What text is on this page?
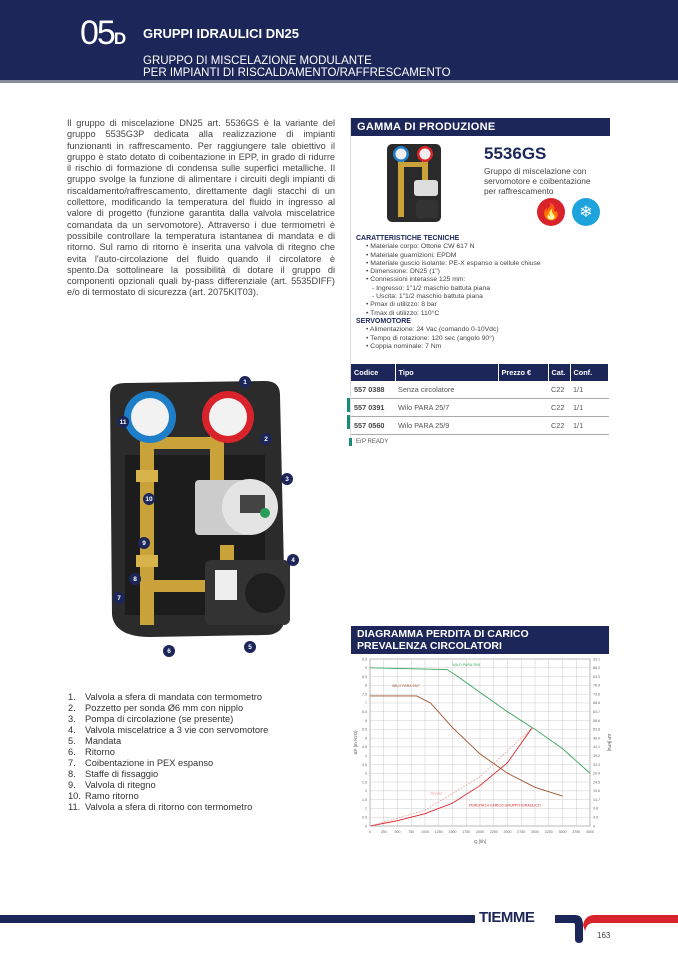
05D GRUPPI IDRAULICI DN25
GRUPPO DI MISCELAZIONE MODULANTE
PER IMPIANTI DI RISCALDAMENTO/RAFFRESCAMENTO

Il gruppo di miscelazione DN25 art. 5536GS è la variante del gruppo 5535G3P dedicata alla realizzazione di impianti funzionanti in raffrescamento. Per raggiungere tale obiettivo il gruppo è stato dotato di coibentazione in EPP, in grado di ridurre il rischio di formazione di condensa sulle superfici metalliche. Il gruppo svolge la funzione di alimentare i circuiti degli impianti di riscaldamento/raffrescamento, direttamente dagli stacchi di un collettore, modificando la temperatura del fluido in ingresso al valore di progetto (funzione garantita dalla valvola miscelatrice comandata da un servomotore). Attraverso i due termometri è possibile controllare la temperatura istantanea di mandata e di ritorno. Sul ramo di ritorno è inserita una valvola di ritegno che evita l'auto-circolazione del fluido quando il circolatore è spento.Da sottolineare la possibilità di dotare il gruppo di componenti opzionali quali by-pass differenziale (art. 5535DIFF) e/o di termostato di sicurezza (art. 2075KIT03).

GAMMA DI PRODUZIONE
5536GS
Gruppo di miscelazione con servomotore e coibentazione per raffrescamento
🔥	❄
CARATTERISTICHE TECNICHE
• Materiale corpo: Ottone CW 617 N
• Materiale guarnizioni: EPDM
• Materiale guscio isolante: PE-X espanso a cellule chiuse
• Dimensione: DN25 (1")
• Connessioni interasse 125 mm:
- Ingresso: 1"1/2 maschio battuta piana
- Uscita: 1"1/2 maschio battuta piana
• Pmax di utilizzo: 8 bar
• Tmax di utilizzo: 110°C
SERVOMOTORE
• Alimentazione: 24 Vac (comando 0-10Vdc)
• Tempo di rotazione: 120 sec (angolo 90°)
• Coppia nominale: 7 Nm
Codice	Tipo	Prezzo €	Cat.	Conf.
557 0388	Senza circolatore		C22	1/1
557 0391	Wilo PARA 25/7		C22	1/1
557 0560	Wilo PARA 25/9		C22	1/1
ErP READY
1
2
3
4
5
6
7
8
9
10
11
1. Valvola a sfera di mandata con termometro
2. Pozzetto per sonda Ø6 mm con nipplo
3. Pompa di circolazione (se presente)
4. Valvola miscelatrice a 3 vie con servomotore
5. Mandata
6. Ritorno
7. Coibentazione in PEX espanso
8. Staffe di fissaggio
9. Valvola di ritegno
10. Ramo ritorno
11. Valvola a sfera di ritorno con termometro
DIAGRAMMA PERDITA DI CARICO
PREVALENZA CIRCOLATORI
0	250 500 750 1000 1250 1500 1750 2000 2250 2500 2750 3000 3250 3500 3750 4000
0	0
0.5	4.9
1	9.8
1.5	14.7
2	19.6
2.5	24.5
3	29.4
3.5	34.3
4	39.2
4.5	44.1
5	49.0
5.5	53.8
6	58.8
6.5	63.7
7	68.6
7.5	73.6
8	78.4
8.5	83.3
9	88.2
9.5	93.1
Q [l/h]
ΔP [m H2O]	ΔP [kPa]
WILO PARA 25/9
WILO PARA 25/7
PERDITA DI CARICO GRUPPO IDRAULICO
Bypass
TIEMME
163
